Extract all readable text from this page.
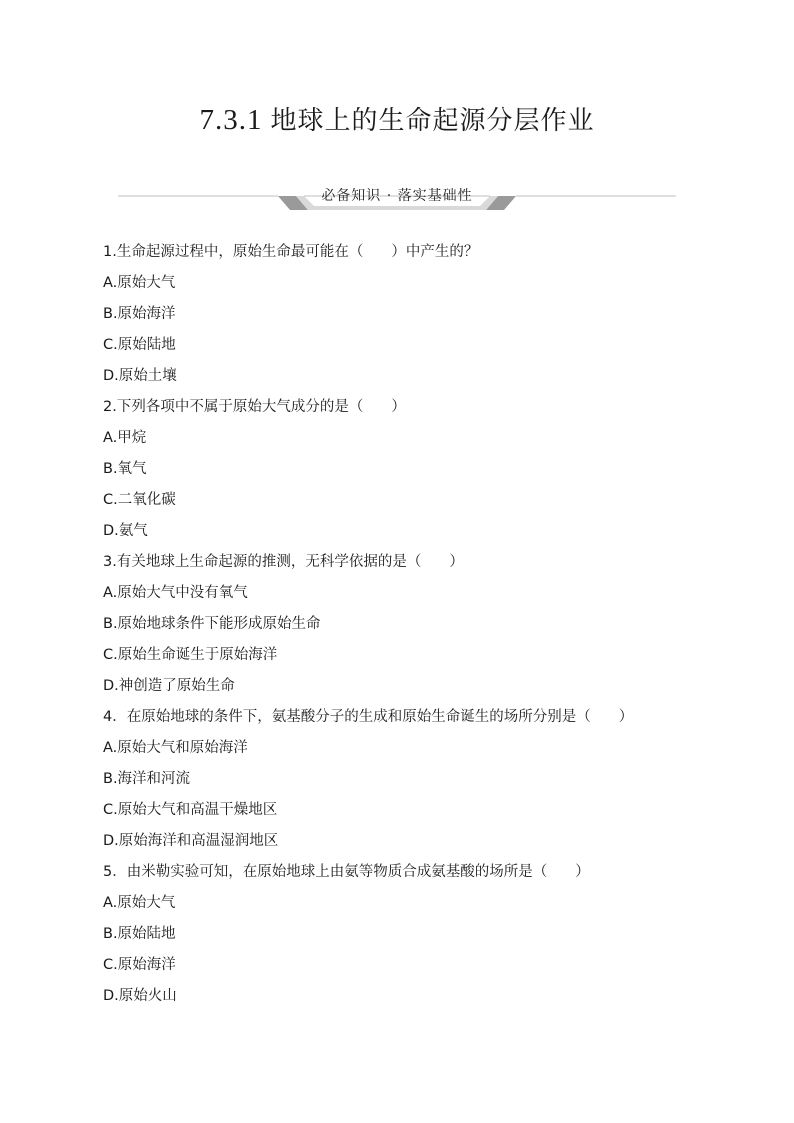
7.3.1 地球上的生命起源分层作业
必备知识 · 落实基础性
1.生命起源过程中，原始生命最可能在（ ）中产生的？
A.原始大气
B.原始海洋
C.原始陆地
D.原始土壤
2.下列各项中不属于原始大气成分的是（ ）
A.甲烷
B.氧气
C.二氧化碳
D.氨气
3.有关地球上生命起源的推测，无科学依据的是（ ）
A.原始大气中没有氧气
B.原始地球条件下能形成原始生命
C.原始生命诞生于原始海洋
D.神创造了原始生命
4．在原始地球的条件下，氨基酸分子的生成和原始生命诞生的场所分别是（ ）
A.原始大气和原始海洋
B.海洋和河流
C.原始大气和高温干燥地区
D.原始海洋和高温湿润地区
5．由米勒实验可知，在原始地球上由氨等物质合成氨基酸的场所是（ ）
A.原始大气
B.原始陆地
C.原始海洋
D.原始火山
